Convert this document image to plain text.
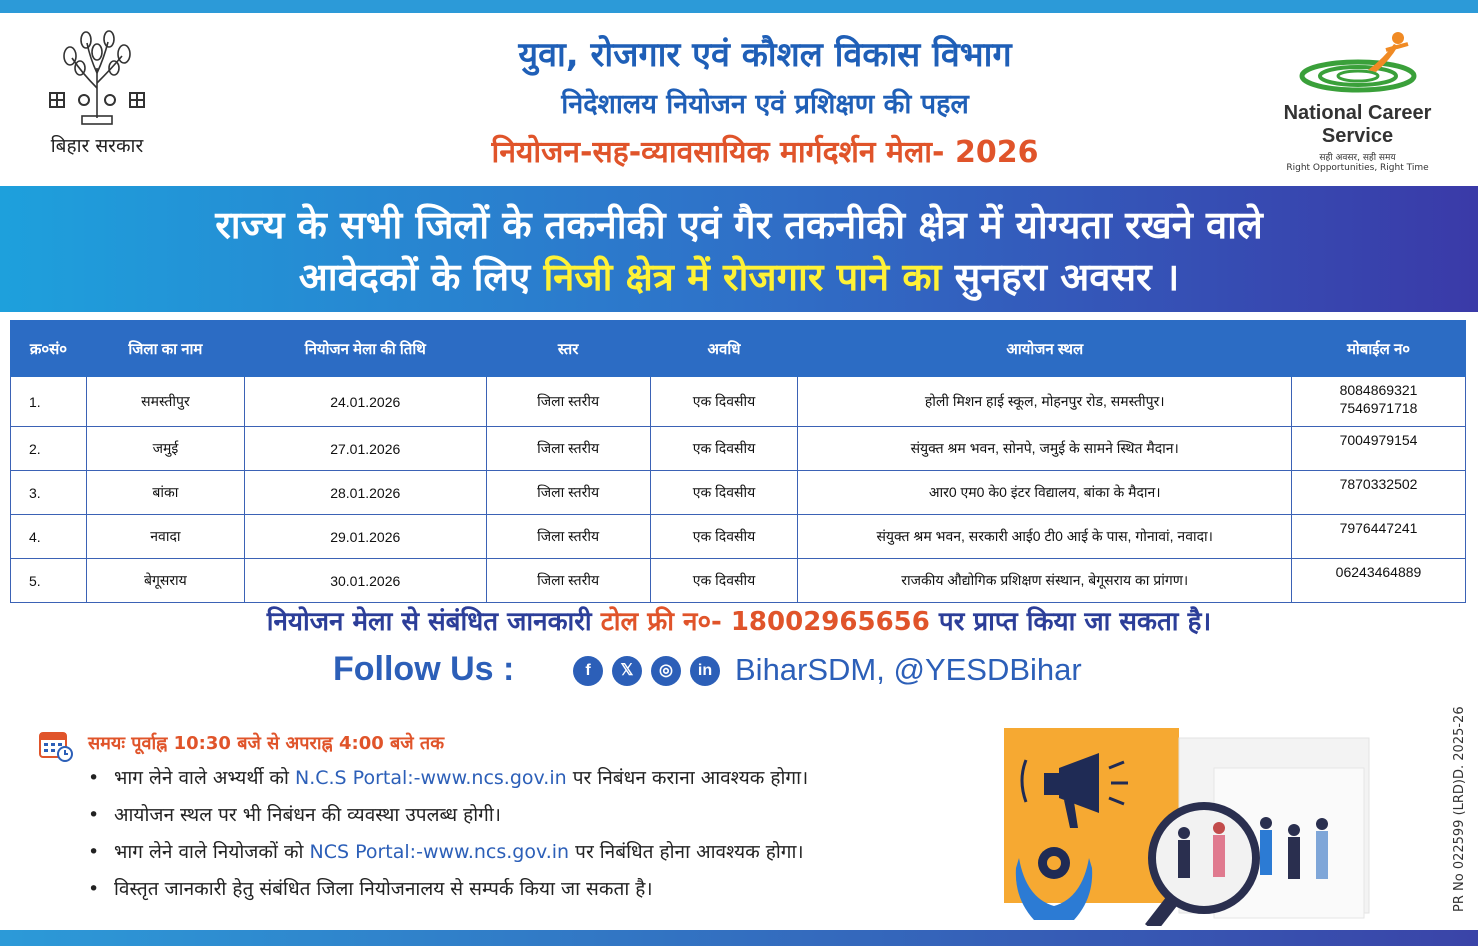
बिहार सरकार
युवा, रोजगार एवं कौशल विकास विभाग
निदेशालय नियोजन एवं प्रशिक्षण की पहल
नियोजन-सह-व्यावसायिक मार्गदर्शन मेला- 2026
National Career Service
सही अवसर, सही समय
Right Opportunities, Right Time
राज्य के सभी जिलों के तकनीकी एवं गैर तकनीकी क्षेत्र में योग्यता रखने वाले
आवेदकों के लिए निजी क्षेत्र में रोजगार पाने का सुनहरा अवसर ।
क्र०सं०	जिला का नाम	नियोजन मेला की तिथि	स्तर	अवधि	आयोजन स्थल	मोबाईल न०
1.	समस्तीपुर	24.01.2026	जिला स्तरीय	एक दिवसीय	होली मिशन हाई स्कूल, मोहनपुर रोड, समस्तीपुर।	8084869321
7546971718
2.	जमुई	27.01.2026	जिला स्तरीय	एक दिवसीय	संयुक्त श्रम भवन, सोनपे, जमुई के सामने स्थित मैदान।	7004979154
3.	बांका	28.01.2026	जिला स्तरीय	एक दिवसीय	आर0 एम0 के0 इंटर विद्यालय, बांका के मैदान।	7870332502
4.	नवादा	29.01.2026	जिला स्तरीय	एक दिवसीय	संयुक्त श्रम भवन, सरकारी आई0 टी0 आई के पास, गोनावां, नवादा।	7976447241
5.	बेगूसराय	30.01.2026	जिला स्तरीय	एक दिवसीय	राजकीय औद्योगिक प्रशिक्षण संस्थान, बेगूसराय का प्रांगण।	06243464889
नियोजन मेला से संबंधित जानकारी टोल फ्री न०- 18002965656 पर प्राप्त किया जा सकता है।
Follow Us :	f	𝕏	◎	in BiharSDM, @YESDBihar
समयः पूर्वाह्न 10:30 बजे से अपराह्न 4:00 बजे तक
• भाग लेने वाले अभ्यर्थी को N.C.S Portal:-www.ncs.gov.in पर निबंधन कराना आवश्यक होगा।
• आयोजन स्थल पर भी निबंधन की व्यवस्था उपलब्ध होगी।
• भाग लेने वाले नियोजकों को NCS Portal:-www.ncs.gov.in पर निबंधित होना आवश्यक होगा।
• विस्तृत जानकारी हेतु संबंधित जिला नियोजनालय से सम्पर्क किया जा सकता है।	PR No 022599 (LRD)D. 2025-26
